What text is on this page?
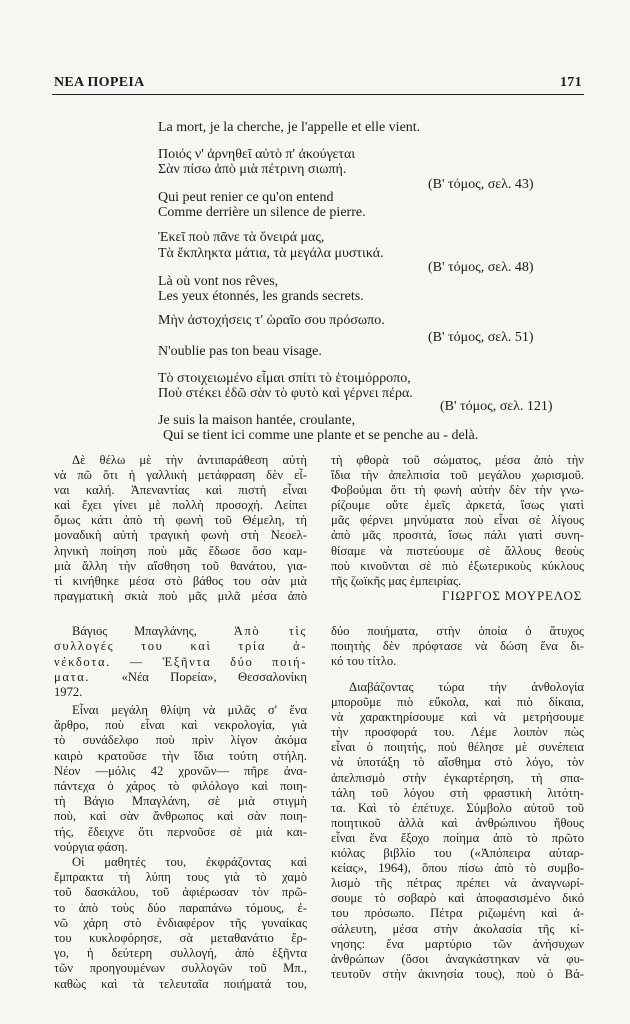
ΝΕΑ ΠΟΡΕΙΑ	171
La mort, je la cherche, je l'appelle et elle vient.
Ποιός ν' ἀρνηθεῖ αὐτὸ π' ἀκούγεται
Σὰν πίσω ἀπὸ μιὰ πέτρινη σιωπή.
(Β' τόμος, σελ. 43)
Qui peut renier ce qu'on entend
Comme derrière un silence de pierre.
Ἐκεῖ ποὺ πᾶνε τὰ ὄνειρά μας,
Τὰ ἔκπληκτα μάτια, τὰ μεγάλα μυστικά.
(Β' τόμος, σελ. 48)
Là où vont nos rêves,
Les yeux étonnés, les grands secrets.
Μὴν ἀστοχήσεις τ' ὡραῖο σου πρόσωπο.
(Β' τόμος, σελ. 51)
N'oublie pas ton beau visage.
Τὸ στοιχειωμένο εἶμαι σπίτι τὸ ἑτοιμόρροπο,
Ποὺ στέκει ἐδῶ σὰν τὸ φυτὸ καὶ γέρνει πέρα.
(Β' τόμος, σελ. 121)
Je suis la maison hantée, croulante,
Qui se tient ici comme une plante et se penche au - delà.
Δὲ θέλω μὲ τὴν ἀντιπαράθεση αὐτὴ
νὰ πῶ ὅτι ἡ γαλλικὴ μετάφραση δὲν εἶ-
ναι καλή. Ἀπεναντίας καὶ πιστὴ εἶναι
καὶ ἔχει γίνει μὲ πολλὴ προσοχή. Λείπει
ὅμως κάτι ἀπὸ τὴ φωνὴ τοῦ Θέμελη, τὴ
μοναδικὴ αὐτὴ τραγικὴ φωνὴ στὴ Νεοελ-
ληνικὴ ποίηση ποὺ μᾶς ἔδωσε ὅσο καμ-
μιὰ ἄλλη τὴν αἴσθηση τοῦ θανάτου, για-
τὶ κινήθηκε μέσα στὸ βάθος του σὰν μιὰ
πραγματικὴ σκιὰ ποὺ μᾶς μιλᾶ μέσα ἀπὸ
τὴ φθορὰ τοῦ σώματος, μέσα ἀπὸ τὴν
ἴδια τὴν ἀπελπισία τοῦ μεγάλου χωρισμοῦ.
Φοβούμαι ὅτι τὴ φωνὴ αὐτὴν δὲν τὴν γνω-
ρίζουμε οὔτε ἐμεῖς ἀρκετά, ἴσως γιατὶ
μᾶς φέρνει μηνύματα ποὺ εἶναι σὲ λίγους
ἀπὸ μᾶς προσιτά, ἴσως πάλι γιατὶ συνη-
θίσαμε νὰ πιστεύουμε σὲ ἄλλους θεοὺς
ποὺ κινοῦνται σὲ πιὸ ἐξωτερικοὺς κύκλους
τῆς ζωϊκῆς μας ἐμπειρίας.
ΓΙΩΡΓΟΣ ΜΟΥΡΕΛΟΣ
Βάγιος Μπαγλάνης,	Ἀπὸ τὶς
συλλογές του καὶ τρία ἀ-
νέκδοτα. — Ἑξῆντα δύο ποιή-
ματα. «Νέα Πορεία», Θεσσαλονίκη
1972.
δύο ποιήματα, στὴν ὁποία ὁ ἄτυχος
ποιητὴς δὲν πρόφτασε νὰ δώση ἕνα δι-
κό του τίτλο.
Εἶναι μεγάλη θλίψη νὰ μιλᾶς σ' ἕνα
ἄρθρο, ποὺ εἶναι καὶ νεκρολογία, γιὰ
τὸ συνάδελφο ποὺ πρὶν λίγον ἀκόμα
καιρὸ κρατοῦσε τὴν ἴδια τούτη στήλη.
Νέον —μόλις 42 χρονῶν— πῆρε ἀνα-
πάντεχα ὁ χάρος τὸ φιλόλογο καὶ ποιη-
τὴ Βάγιο Μπαγλάνη, σὲ μιὰ στιγμὴ
ποὺ, καὶ σὰν ἄνθρωπος καὶ σὰν ποιη-
τής, ἔδειχνε ὅτι περνοῦσε σὲ μιὰ και-
νούργια φάση.
Οἱ μαθητές του, ἐκφράζοντας καὶ
ἔμπρακτα τὴ λύπη τους γιὰ τὸ χαμὸ
τοῦ δασκάλου, τοῦ ἀφιέρωσαν τὸν πρῶ-
το ἀπὸ τοὺς δύο παραπάνω τόμους, ἐ-
νῶ χάρη στὸ ἐνδιαφέρον τῆς γυναίκας
του κυκλοφόρησε, σὰ μεταθανάτιο ἔρ-
γο, ἡ δεύτερη συλλογή, ἀπὸ ἑξῆντα
τῶν προηγουμένων συλλογῶν τοῦ Μπ.,
καθὼς καὶ τὰ τελευταῖα ποιήματά του,
Διαβάζοντας τώρα τὴν ἀνθολογία
μποροῦμε πιὸ εὔκολα, καὶ πιὸ δίκαια,
νὰ χαρακτηρίσουμε καὶ νὰ μετρήσουμε
τὴν προσφορά του. Λέμε λοιπὸν πὼς
εἶναι ὁ ποιητής, ποὺ θέλησε μὲ συνέπεια
νὰ ὑποτάξη τὸ αἴσθημα στὸ λόγο, τὸν
ἀπελπισμὸ στὴν ἐγκαρτέρηση, τὴ σπα-
τάλη τοῦ λόγου στὴ φραστικὴ λιτότη-
τα. Καὶ τὸ ἐπέτυχε. Σύμβολο αὐτοῦ τοῦ
ποιητικοῦ ἀλλὰ καὶ ἀνθρώπινου ἤθους
εἶναι ἕνα ἔξοχο ποίημα ἀπὸ τὸ πρῶτο
κιόλας βιβλίο του («Ἀπόπειρα αὐταρ-
κείας», 1964), ὅπου πίσω ἀπὸ τὸ συμβο-
λισμὸ τῆς πέτρας πρέπει νὰ ἀναγνωρί-
σουμε τὸ σοβαρὸ καὶ ἀποφασισμένο δικό
του πρόσωπο. Πέτρα ριζωμένη καὶ ἀ-
σάλευτη, μέσα στὴν ἀκολασία τῆς κί-
νησης: ἕνα μαρτύριο τῶν ἀνήσυχων
ἀνθρώπων (ὅσοι ἀναγκάστηκαν νὰ φυ-
τευτοῦν στὴν ἀκινησία τους), ποὺ ὁ Βά-
